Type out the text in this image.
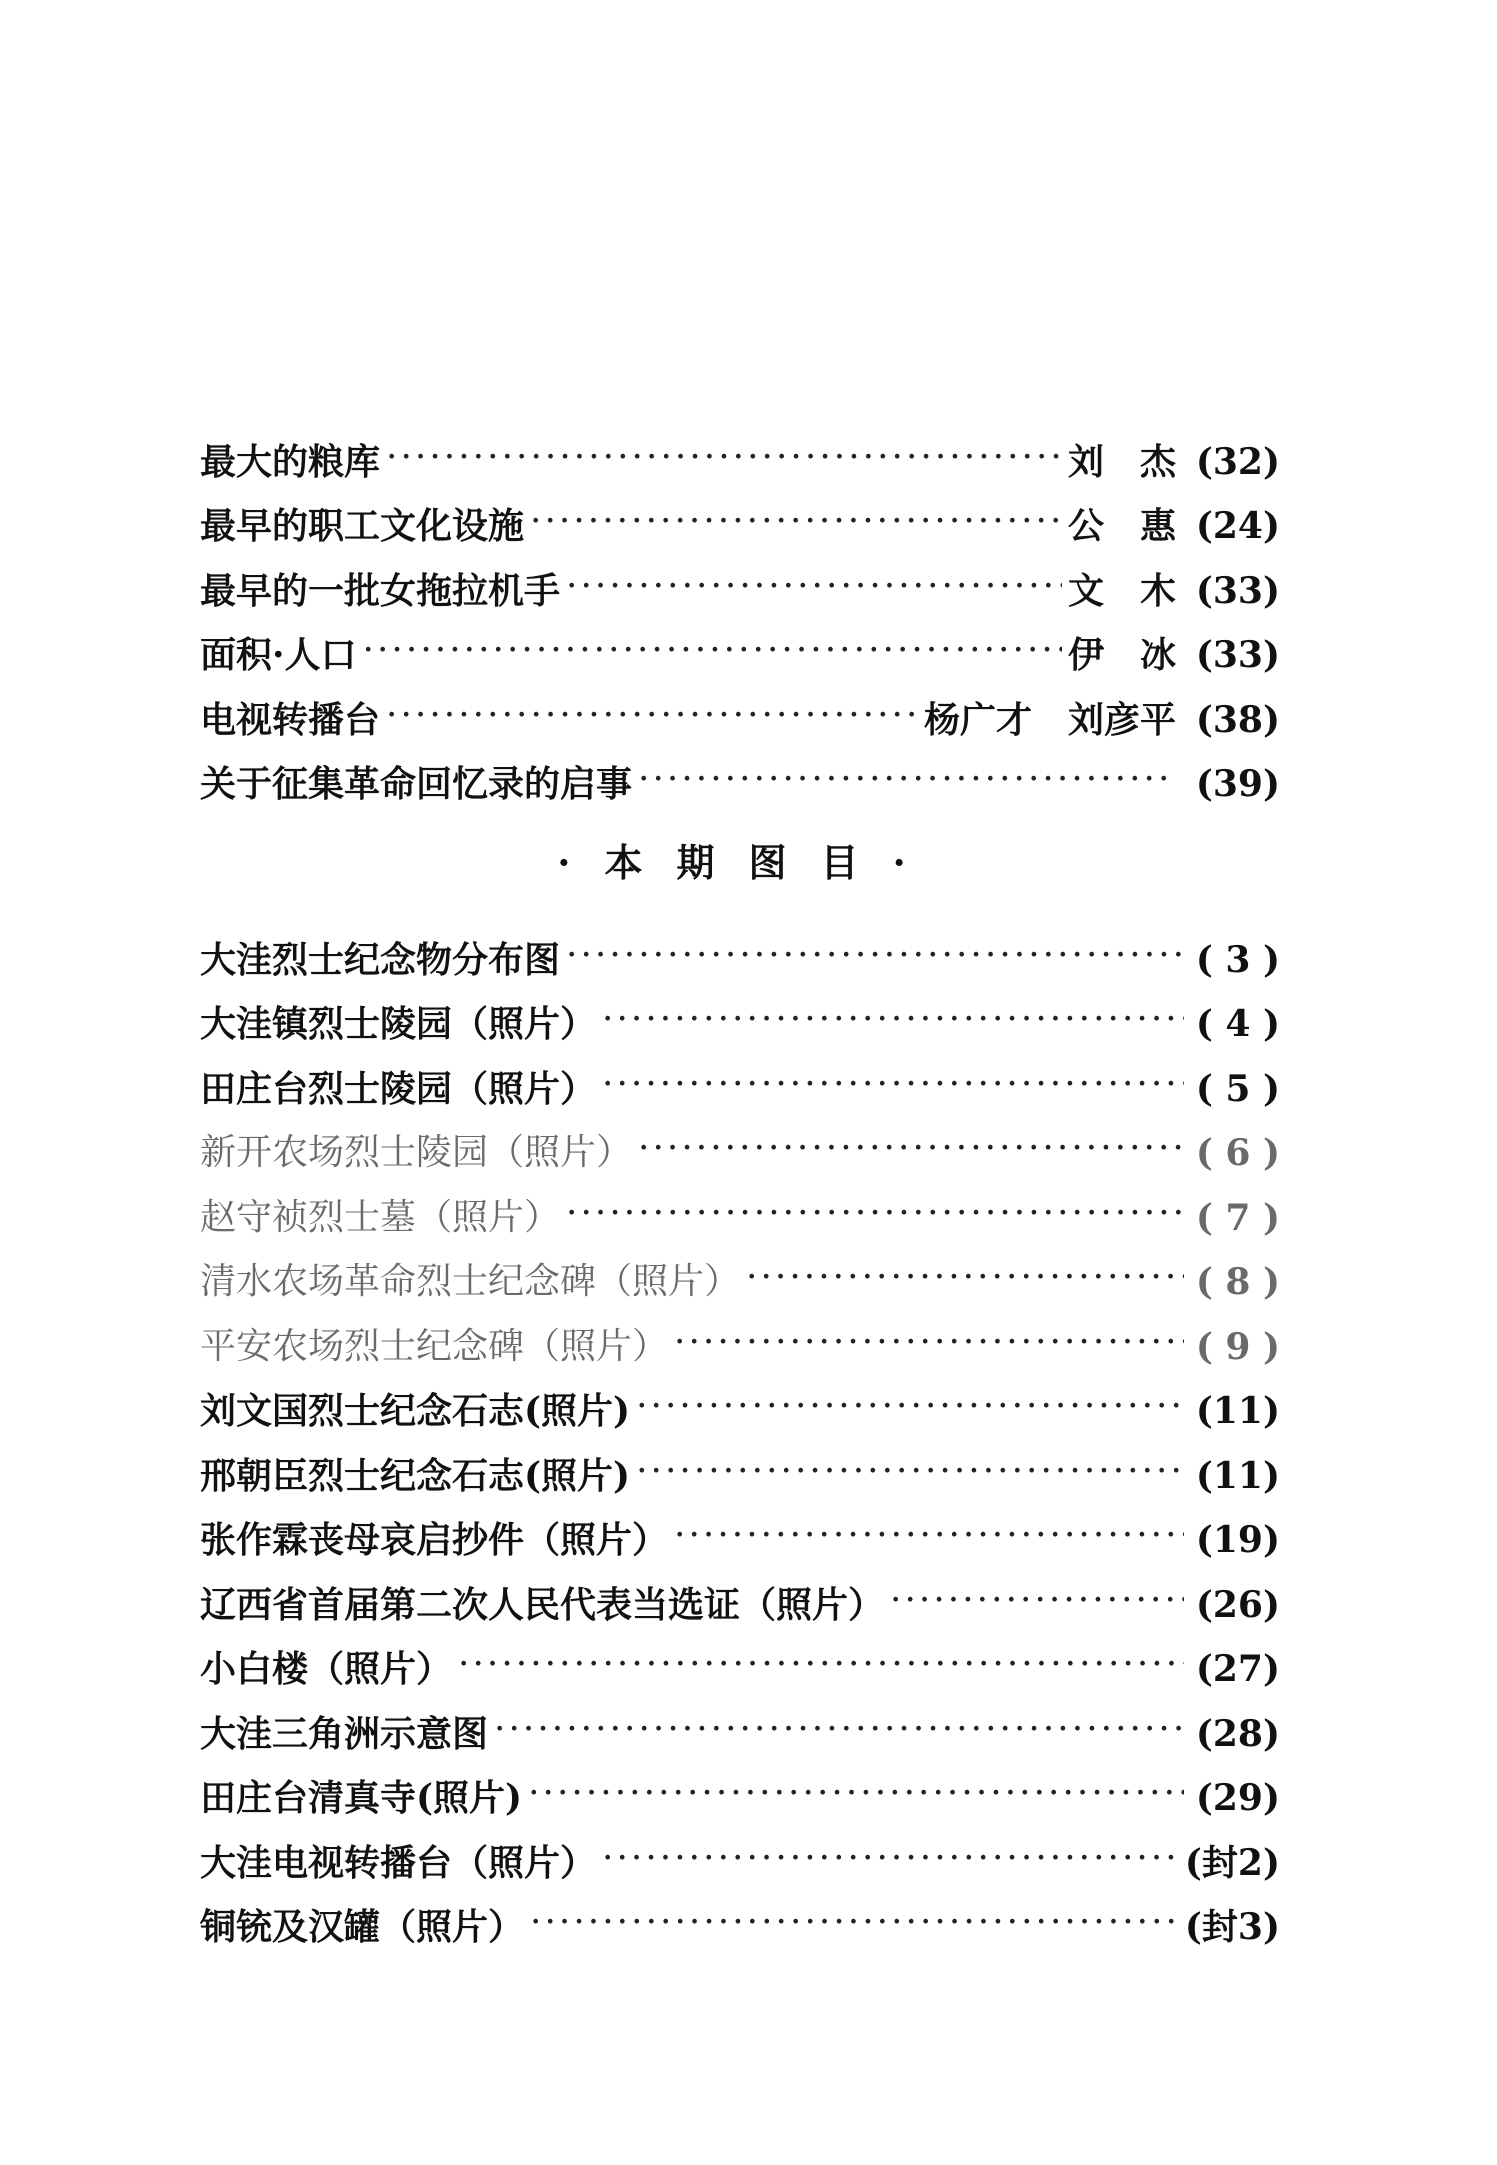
最大的粮库 ·····	刘　杰 (32)
最早的职工文化设施 ·····	公　惠 (24)
最早的一批女拖拉机手 ·····	文　木 (33)
面积·人口 ·····	伊　冰 (33)
电视转播台 ·····	杨广才　刘彦平 (38)
关于征集革命回忆录的启事 ·····	(39)
·本期图目·
大洼烈士纪念物分布图 ·····	( 3 )
大洼镇烈士陵园（照片） ·····	( 4 )
田庄台烈士陵园（照片） ·····	( 5 )
新开农场烈士陵园（照片） ·····	( 6 )
赵守祯烈士墓（照片） ·····	( 7 )
清水农场革命烈士纪念碑（照片） ·····	( 8 )
平安农场烈士纪念碑（照片） ·····	( 9 )
刘文国烈士纪念石志(照片) ·····	(11)
邢朝臣烈士纪念石志(照片) ·····	(11)
张作霖丧母哀启抄件（照片） ·····	(19)
辽西省首届第二次人民代表当选证（照片） ·····	(26)
小白楼（照片） ·····	(27)
大洼三角洲示意图 ·····	(28)
田庄台清真寺(照片) ·····	(29)
大洼电视转播台（照片） ·····	(封2)
铜铳及汉罐（照片） ·····	(封3)
